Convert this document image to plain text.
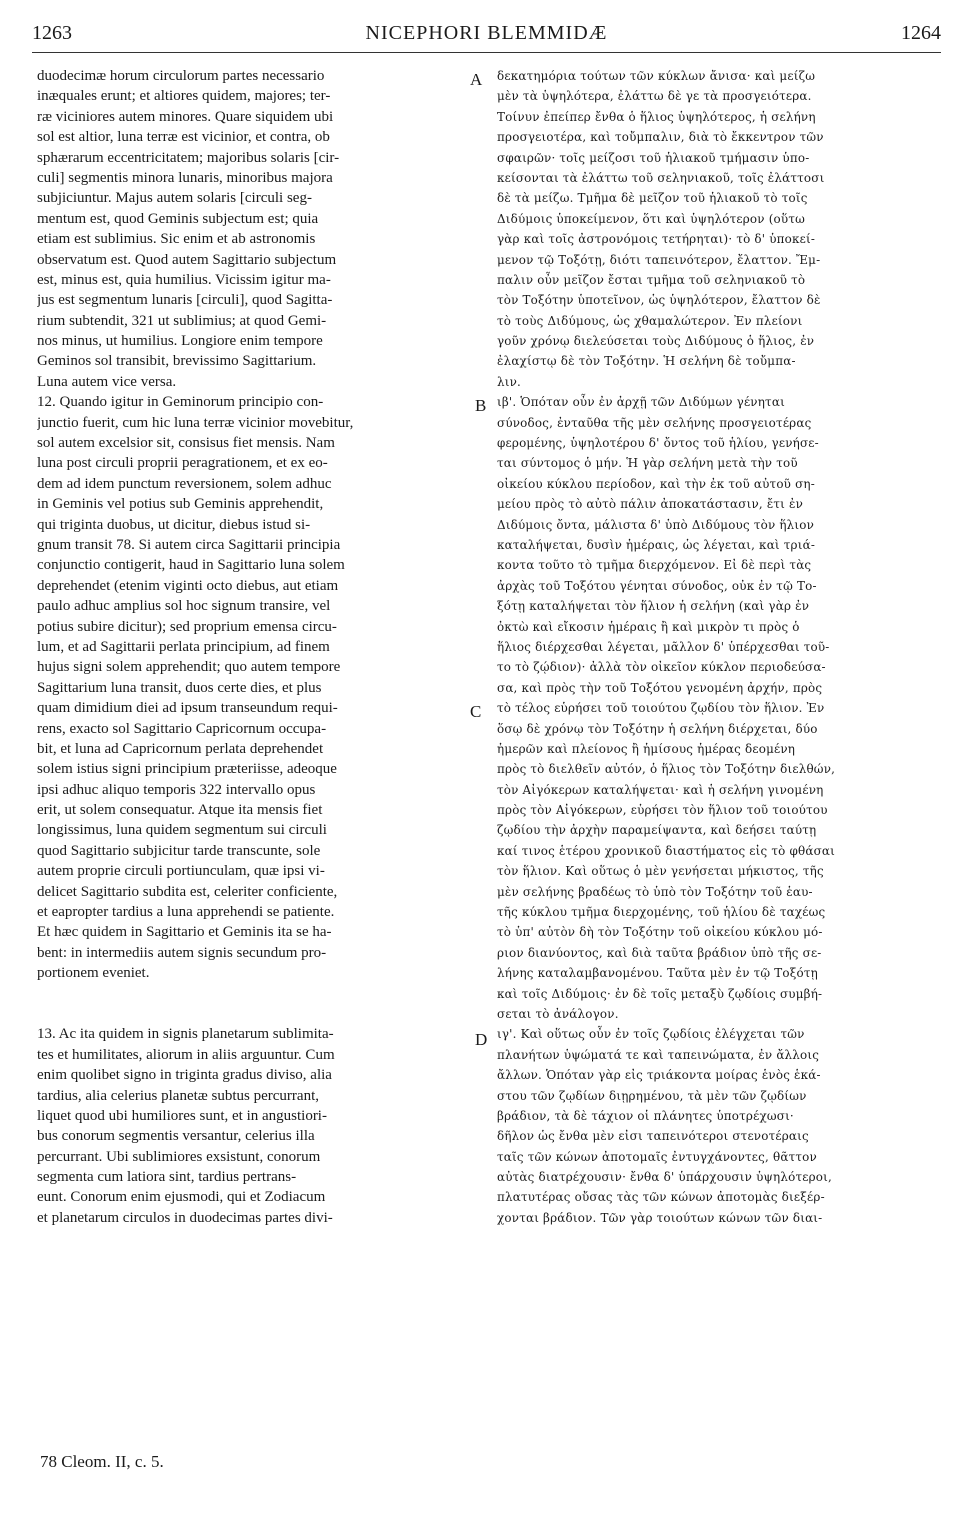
1263	NICEPHORI BLEMMIDÆ	1264
duodecimæ horum circulorum partes necessario
inæquales erunt; et altiores quidem, majores; ter-
ræ viciniores autem minores. Quare siquidem ubi
sol est altior, luna terræ est vicinior, et contra, ob
sphærarum eccentricitatem; majoribus solaris [cir-
culi] segmentis minora lunaris, minoribus majora
subjiciuntur. Majus autem solaris [circuli seg-
mentum est, quod Geminis subjectum est; quia
etiam est sublimius. Sic enim et ab astronomis
observatum est. Quod autem Sagittario subjectum
est, minus est, quia humilius. Vicissim igitur ma-
jus est segmentum lunaris [circuli], quod Sagitta-
rium subtendit, 321 ut sublimius; at quod Gemi-
nos minus, ut humilius. Longiore enim tempore
Geminos sol transibit, brevissimo Sagittarium.
Luna autem vice versa.
12. Quando igitur in Geminorum principio con-
junctio fuerit, cum hic luna terræ vicinior movebitur,
sol autem excelsior sit, consisus fiet mensis. Nam
luna post circuli proprii peragrationem, et ex eo-
dem ad idem punctum reversionem, solem adhuc
in Geminis vel potius sub Geminis apprehendit,
qui triginta duobus, ut dicitur, diebus istud si-
gnum transit 78. Si autem circa Sagittarii principia
conjunctio contigerit, haud in Sagittario luna solem
deprehendet (etenim viginti octo diebus, aut etiam
paulo adhuc amplius sol hoc signum transire, vel
potius subire dicitur); sed proprium emensa circu-
lum, et ad Sagittarii perlata principium, ad finem
hujus signi solem apprehendit; quo autem tempore
Sagittarium luna transit, duos certe dies, et plus
quam dimidium diei ad ipsum transeundum requi-
rens, exacto sol Sagittario Capricornum occupa-
bit, et luna ad Capricornum perlata deprehendet
solem istius signi principium præteriisse, adeoque
ipsi adhuc aliquo temporis 322 intervallo opus
erit, ut solem consequatur. Atque ita mensis fiet
longissimus, luna quidem segmentum sui circuli
quod Sagittario subjicitur tarde transcunte, sole
autem proprie circuli portiunculam, quæ ipsi vi-
delicet Sagittario subdita est, celeriter conficiente,
et eapropter tardius a luna apprehendi se patiente.
Et hæc quidem in Sagittario et Geminis ita se ha-
bent: in intermediis autem signis secundum pro-
portionem eveniet.
13. Ac ita quidem in signis planetarum sublimita-
tes et humilitates, aliorum in aliis arguuntur. Cum
enim quolibet signo in triginta gradus diviso, alia
tardius, alia celerius planetæ subtus percurrant,
liquet quod ubi humiliores sunt, et in angustiori-
bus conorum segmentis versantur, celerius illa
percurrant. Ubi sublimiores exsistunt, conorum
segmenta cum latiora sint, tardius pertrans-
eunt. Conorum enim ejusmodi, qui et Zodiacum
et planetarum circulos in duodecimas partes divi-
δεκατημόρια τούτων τῶν κύκλων ἄνισα· καὶ μείζω
μὲν τὰ ὑψηλότερα, ἐλάττω δὲ γε τὰ προσγειότερα.
Τοίνυν ἐπείπερ ἔνθα ὁ ἥλιος ὑψηλότερος, ἡ σελήνη
προσγειοτέρα, καὶ τοὔμπαλιν, διὰ τὸ ἔκκεντρον τῶν
σφαιρῶν· τοῖς μείζοσι τοῦ ἡλιακοῦ τμήμασιν ὑπο-
κείσονται τὰ ἐλάττω τοῦ σεληνιακοῦ, τοῖς ἐλάττοσι
δὲ τὰ μείζω. Τμῆμα δὲ μεῖζον τοῦ ἡλιακοῦ τὸ τοῖς
Διδύμοις ὑποκείμενον, ὅτι καὶ ὑψηλότερον (οὕτω
γὰρ καὶ τοῖς ἀστρονόμοις τετήρηται)· τὸ δ' ὑποκεί-
μενον τῷ Τοξότῃ, διότι ταπεινότερον, ἔλαττον. Ἔμ-
παλιν οὖν μεῖζον ἔσται τμῆμα τοῦ σεληνιακοῦ τὸ
τὸν Τοξότην ὑποτεῖνον, ὡς ὑψηλότερον, ἔλαττον δὲ
τὸ τοὺς Διδύμους, ὡς χθαμαλώτερον. Ἐν πλείονι
γοῦν χρόνῳ διελεύσεται τοὺς Διδύμους ὁ ἥλιος, ἐν
ἐλαχίστῳ δὲ τὸν Τοξότην. Ἡ σελήνη δὲ τοὔμπα-
λιν.
ιβ'. Ὁπόταν οὖν ἐν ἀρχῇ τῶν Διδύμων γένηται
σύνοδος, ἐνταῦθα τῆς μὲν σελήνης προσγειοτέρας
φερομένης, ὑψηλοτέρου δ' ὄντος τοῦ ἡλίου, γενήσε-
ται σύντομος ὁ μήν. Ἡ γὰρ σελήνη μετὰ τὴν τοῦ
οἰκείου κύκλου περίοδον, καὶ τὴν ἐκ τοῦ αὐτοῦ ση-
μείου πρὸς τὸ αὐτὸ πάλιν ἀποκατάστασιν, ἔτι ἐν
Διδύμοις ὄντα, μάλιστα δ' ὑπὸ Διδύμους τὸν ἥλιον
καταλήψεται, δυσὶν ἡμέραις, ὡς λέγεται, καὶ τριά-
κοντα τοῦτο τὸ τμῆμα διερχόμενον. Εἰ δὲ περὶ τὰς
ἀρχὰς τοῦ Τοξότου γένηται σύνοδος, οὐκ ἐν τῷ Το-
ξότῃ καταλήψεται τὸν ἥλιον ἡ σελήνη (καὶ γὰρ ἐν
ὀκτὼ καὶ εἴκοσιν ἡμέραις ἢ καὶ μικρὸν τι πρὸς ὁ
ἥλιος διέρχεσθαι λέγεται, μᾶλλον δ' ὑπέρχεσθαι τοῦ-
το τὸ ζῴδιον)· ἀλλὰ τὸν οἰκεῖον κύκλον περιοδεύσα-
σα, καὶ πρὸς τὴν τοῦ Τοξότου γενομένη ἀρχήν, πρὸς
τὸ τέλος εὑρήσει τοῦ τοιούτου ζῳδίου τὸν ἥλιον. Ἐν
ὅσῳ δὲ χρόνῳ τὸν Τοξότην ἡ σελήνη διέρχεται, δύο
ἡμερῶν καὶ πλείονος ἢ ἡμίσους ἡμέρας δεομένη
πρὸς τὸ διελθεῖν αὐτόν, ὁ ἥλιος τὸν Τοξότην διελθών,
τὸν Αἰγόκερων καταλήψεται· καὶ ἡ σελήνη γινομένη
πρὸς τὸν Αἰγόκερων, εὑρήσει τὸν ἥλιον τοῦ τοιούτου
ζῳδίου τὴν ἀρχὴν παραμείψαντα, καὶ δεήσει ταύτῃ
καί τινος ἑτέρου χρονικοῦ διαστήματος εἰς τὸ φθάσαι
τὸν ἥλιον. Καὶ οὕτως ὁ μὲν γενήσεται μήκιστος, τῆς
μὲν σελήνης βραδέως τὸ ὑπὸ τὸν Τοξότην τοῦ ἑαυ-
τῆς κύκλου τμῆμα διερχομένης, τοῦ ἡλίου δὲ ταχέως
τὸ ὑπ' αὐτὸν δὴ τὸν Τοξότην τοῦ οἰκείου κύκλου μό-
ριον διανύοντος, καὶ διὰ ταῦτα βράδιον ὑπὸ τῆς σε-
λήνης καταλαμβανομένου. Ταῦτα μὲν ἐν τῷ Τοξότῃ
καὶ τοῖς Διδύμοις· ἐν δὲ τοῖς μεταξὺ ζῳδίοις συμβή-
σεται τὸ ἀνάλογον.
ιγ'. Καὶ οὕτως οὖν ἐν τοῖς ζῳδίοις ἐλέγχεται τῶν
πλανήτων ὑψώματά τε καὶ ταπεινώματα, ἐν ἄλλοις
ἄλλων. Ὁπόταν γὰρ εἰς τριάκοντα μοίρας ἑνὸς ἑκά-
στου τῶν ζῳδίων διῃρημένου, τὰ μὲν τῶν ζῳδίων
βράδιον, τὰ δὲ τάχιον οἱ πλάνητες ὑποτρέχωσι·
δῆλον ὡς ἔνθα μὲν εἰσι ταπεινότεροι στενοτέραις
ταῖς τῶν κώνων ἀποτομαῖς ἐντυγχάνοντες, θᾶττον
αὐτὰς διατρέχουσιν· ἔνθα δ' ὑπάρχουσιν ὑψηλότεροι,
πλατυτέρας οὔσας τὰς τῶν κώνων ἀποτομὰς διεξέρ-
χονται βράδιον. Τῶν γὰρ τοιούτων κώνων τῶν διαι-
A
B
C
D
78 Cleom. II, c. 5.
